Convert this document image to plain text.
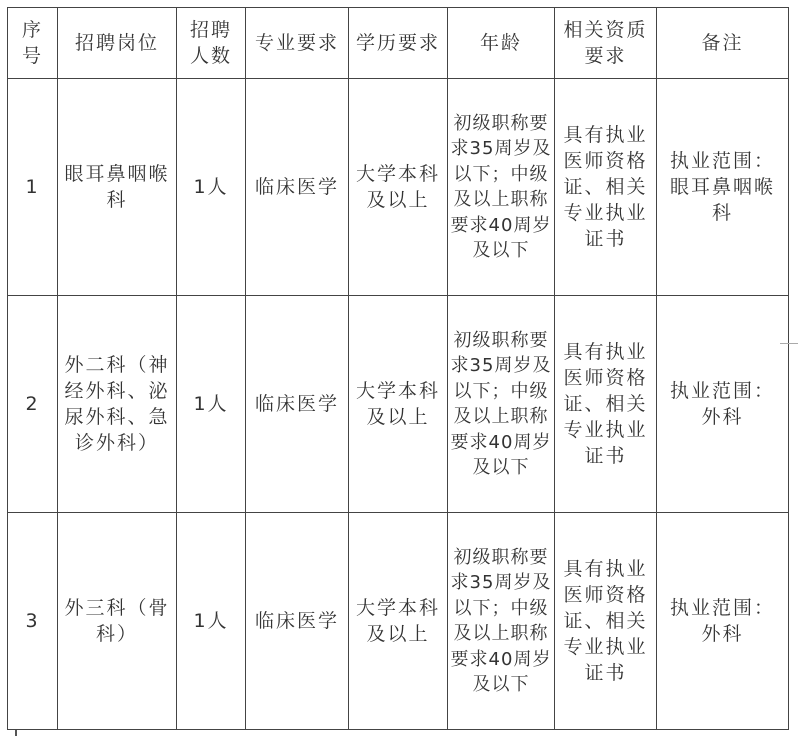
序号	招聘岗位	招聘人数	专业要求	学历要求	年龄	相关资质要求	备注
1	眼耳鼻咽喉科	1人	临床医学	大学本科及以上	初级职称要求35周岁及以下；中级及以上职称要求40周岁及以下	具有执业医师资格证、相关专业执业证书	执业范围：眼耳鼻咽喉科
2	外二科（神经外科、泌尿外科、急诊外科）	1人	临床医学	大学本科及以上	初级职称要求35周岁及以下；中级及以上职称要求40周岁及以下	具有执业医师资格证、相关专业执业证书	执业范围：外科
3	外三科（骨科）	1人	临床医学	大学本科及以上	初级职称要求35周岁及以下；中级及以上职称要求40周岁及以下	具有执业医师资格证、相关专业执业证书	执业范围：外科
